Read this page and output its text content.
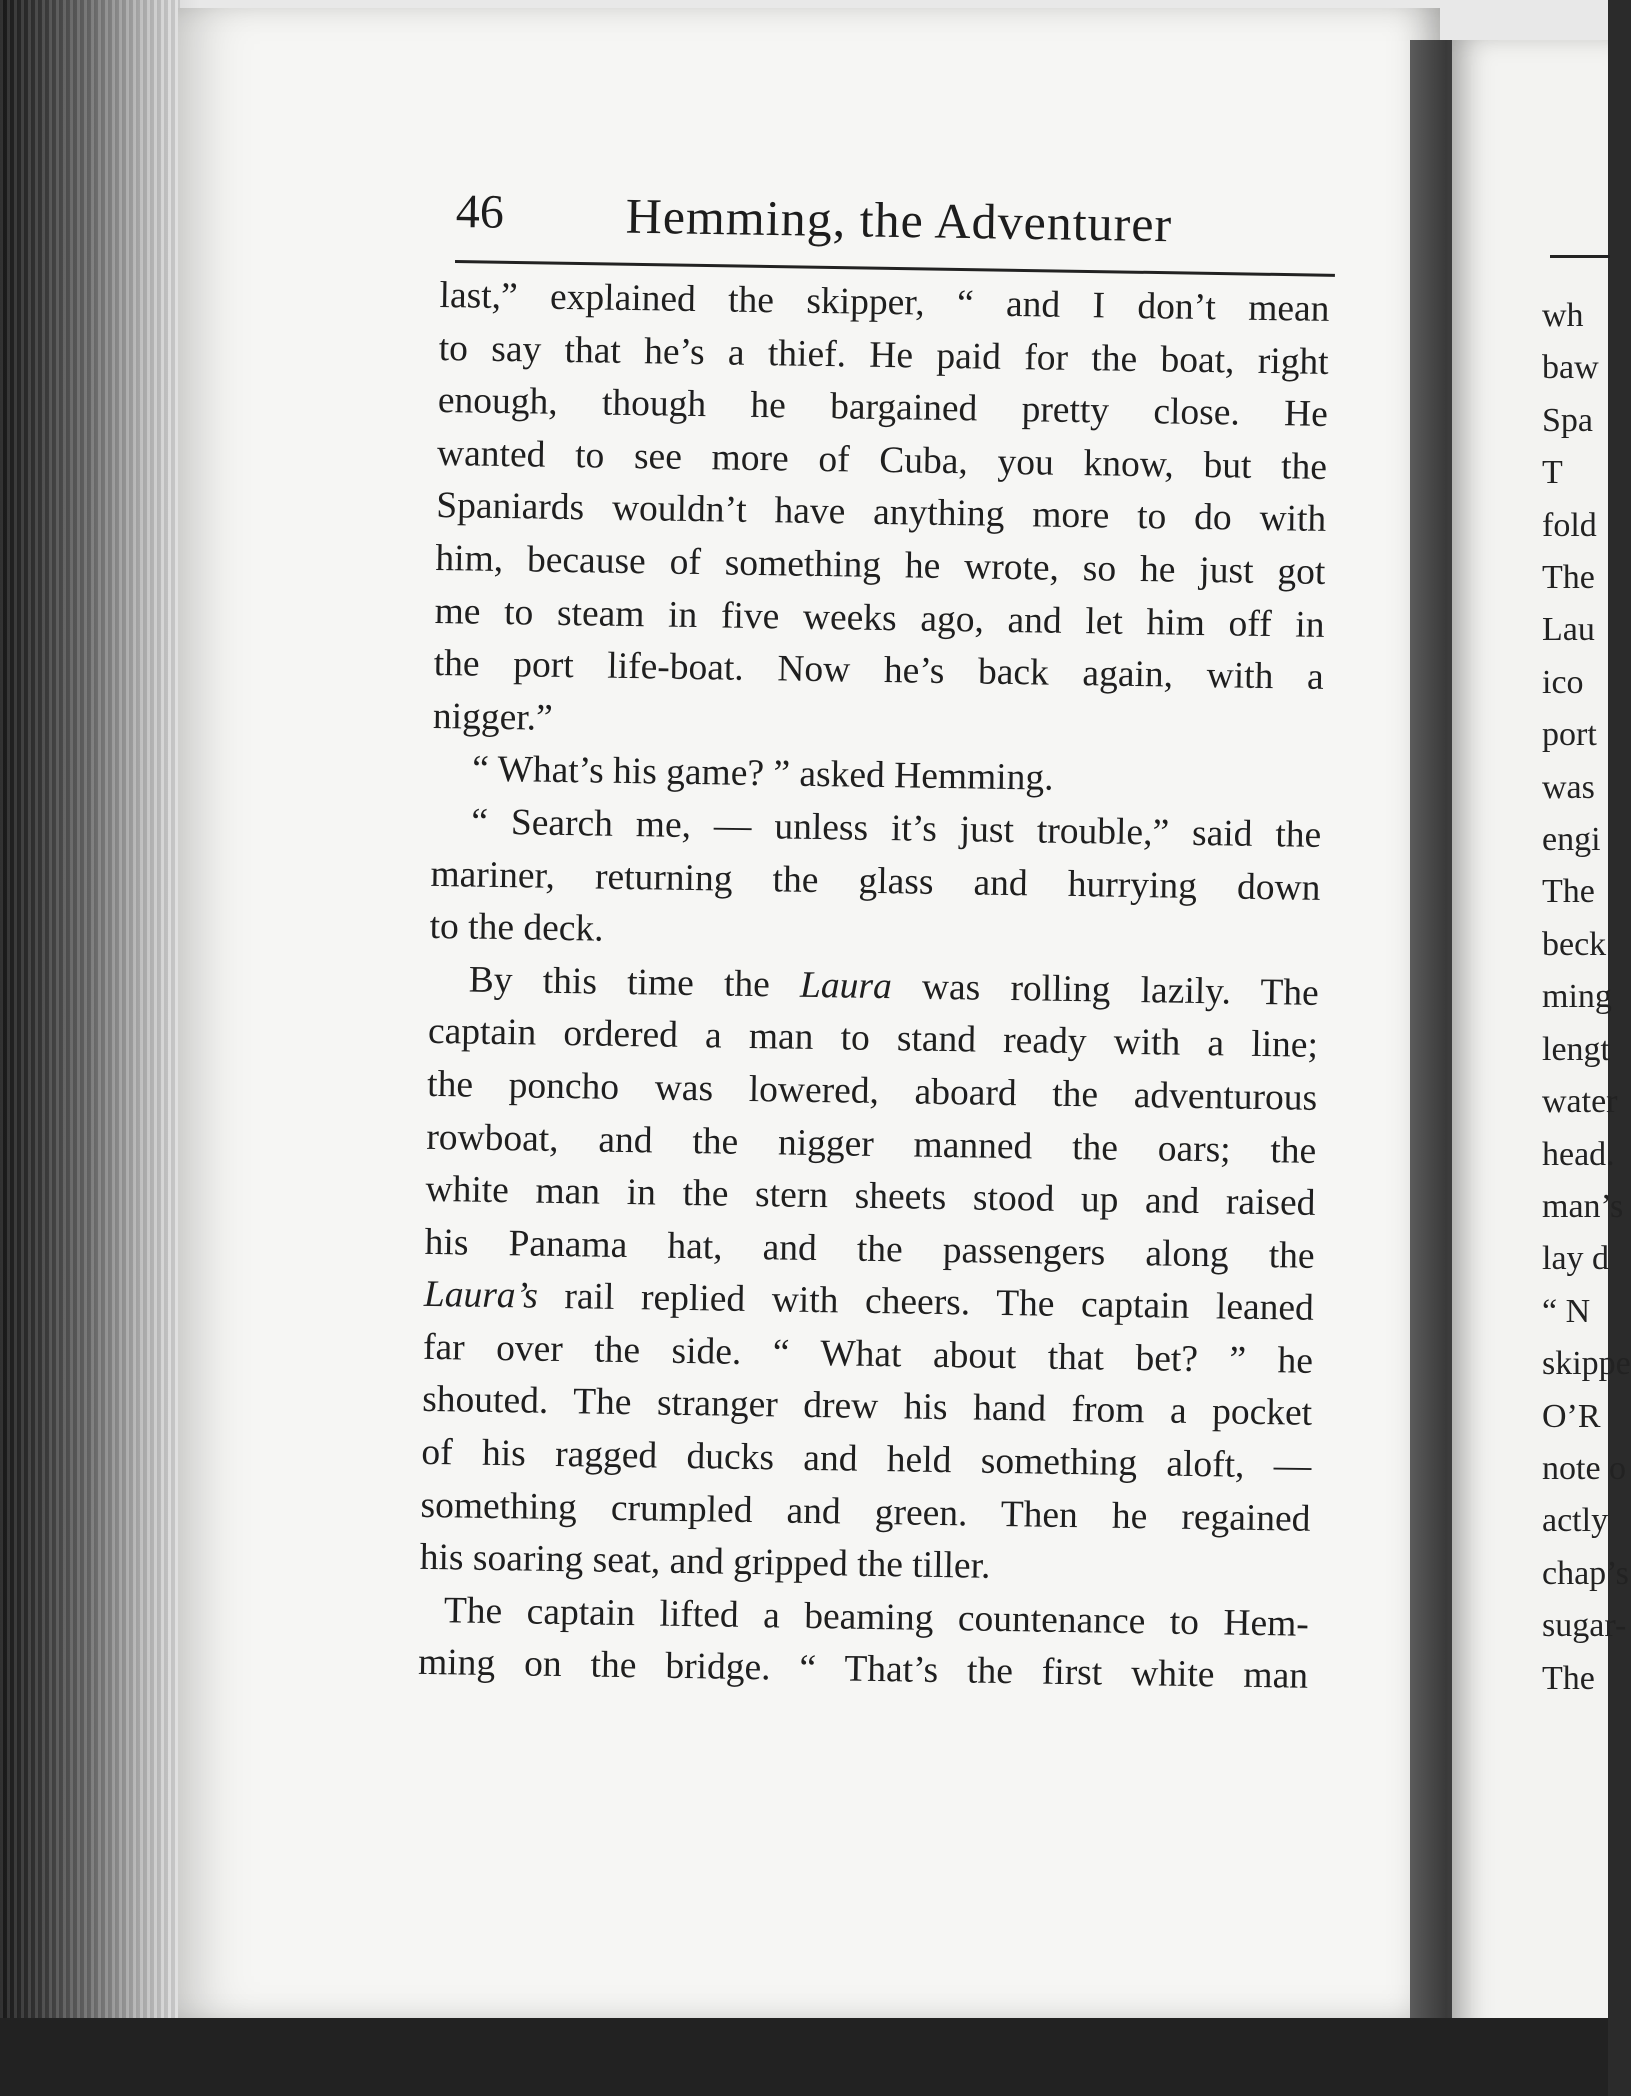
46 Hemming, the Adventurer
last,” explained the skipper, “ and I don’t mean
to say that he’s a thief. He paid for the boat, right
enough, though he bargained pretty close. He
wanted to see more of Cuba, you know, but the
Spaniards wouldn’t have anything more to do with
him, because of something he wrote, so he just got
me to steam in five weeks ago, and let him off in
the port life-boat. Now he’s back again, with a
nigger.”
“ What’s his game? ” asked Hemming.
“ Search me, — unless it’s just trouble,” said the
mariner, returning the glass and hurrying down
to the deck.
By this time the Laura was rolling lazily. The
captain ordered a man to stand ready with a line;
the poncho was lowered, aboard the adventurous
rowboat, and the nigger manned the oars; the
white man in the stern sheets stood up and raised
his Panama hat, and the passengers along the
Laura’s rail replied with cheers. The captain leaned
far over the side. “ What about that bet? ” he
shouted. The stranger drew his hand from a pocket
of his ragged ducks and held something aloft, —
something crumpled and green. Then he regained
his soaring seat, and gripped the tiller.
The captain lifted a beaming countenance to Hem-
ming on the bridge. “ That’s the first white man
wh
baw
Spa
T
fold
The
Lau
ico
port
was
engi
The
beck
ming
lengt
water
head.
man’s
lay d
“ N
skippe
O’R
note o
actly
chap’s
sugar-
The
